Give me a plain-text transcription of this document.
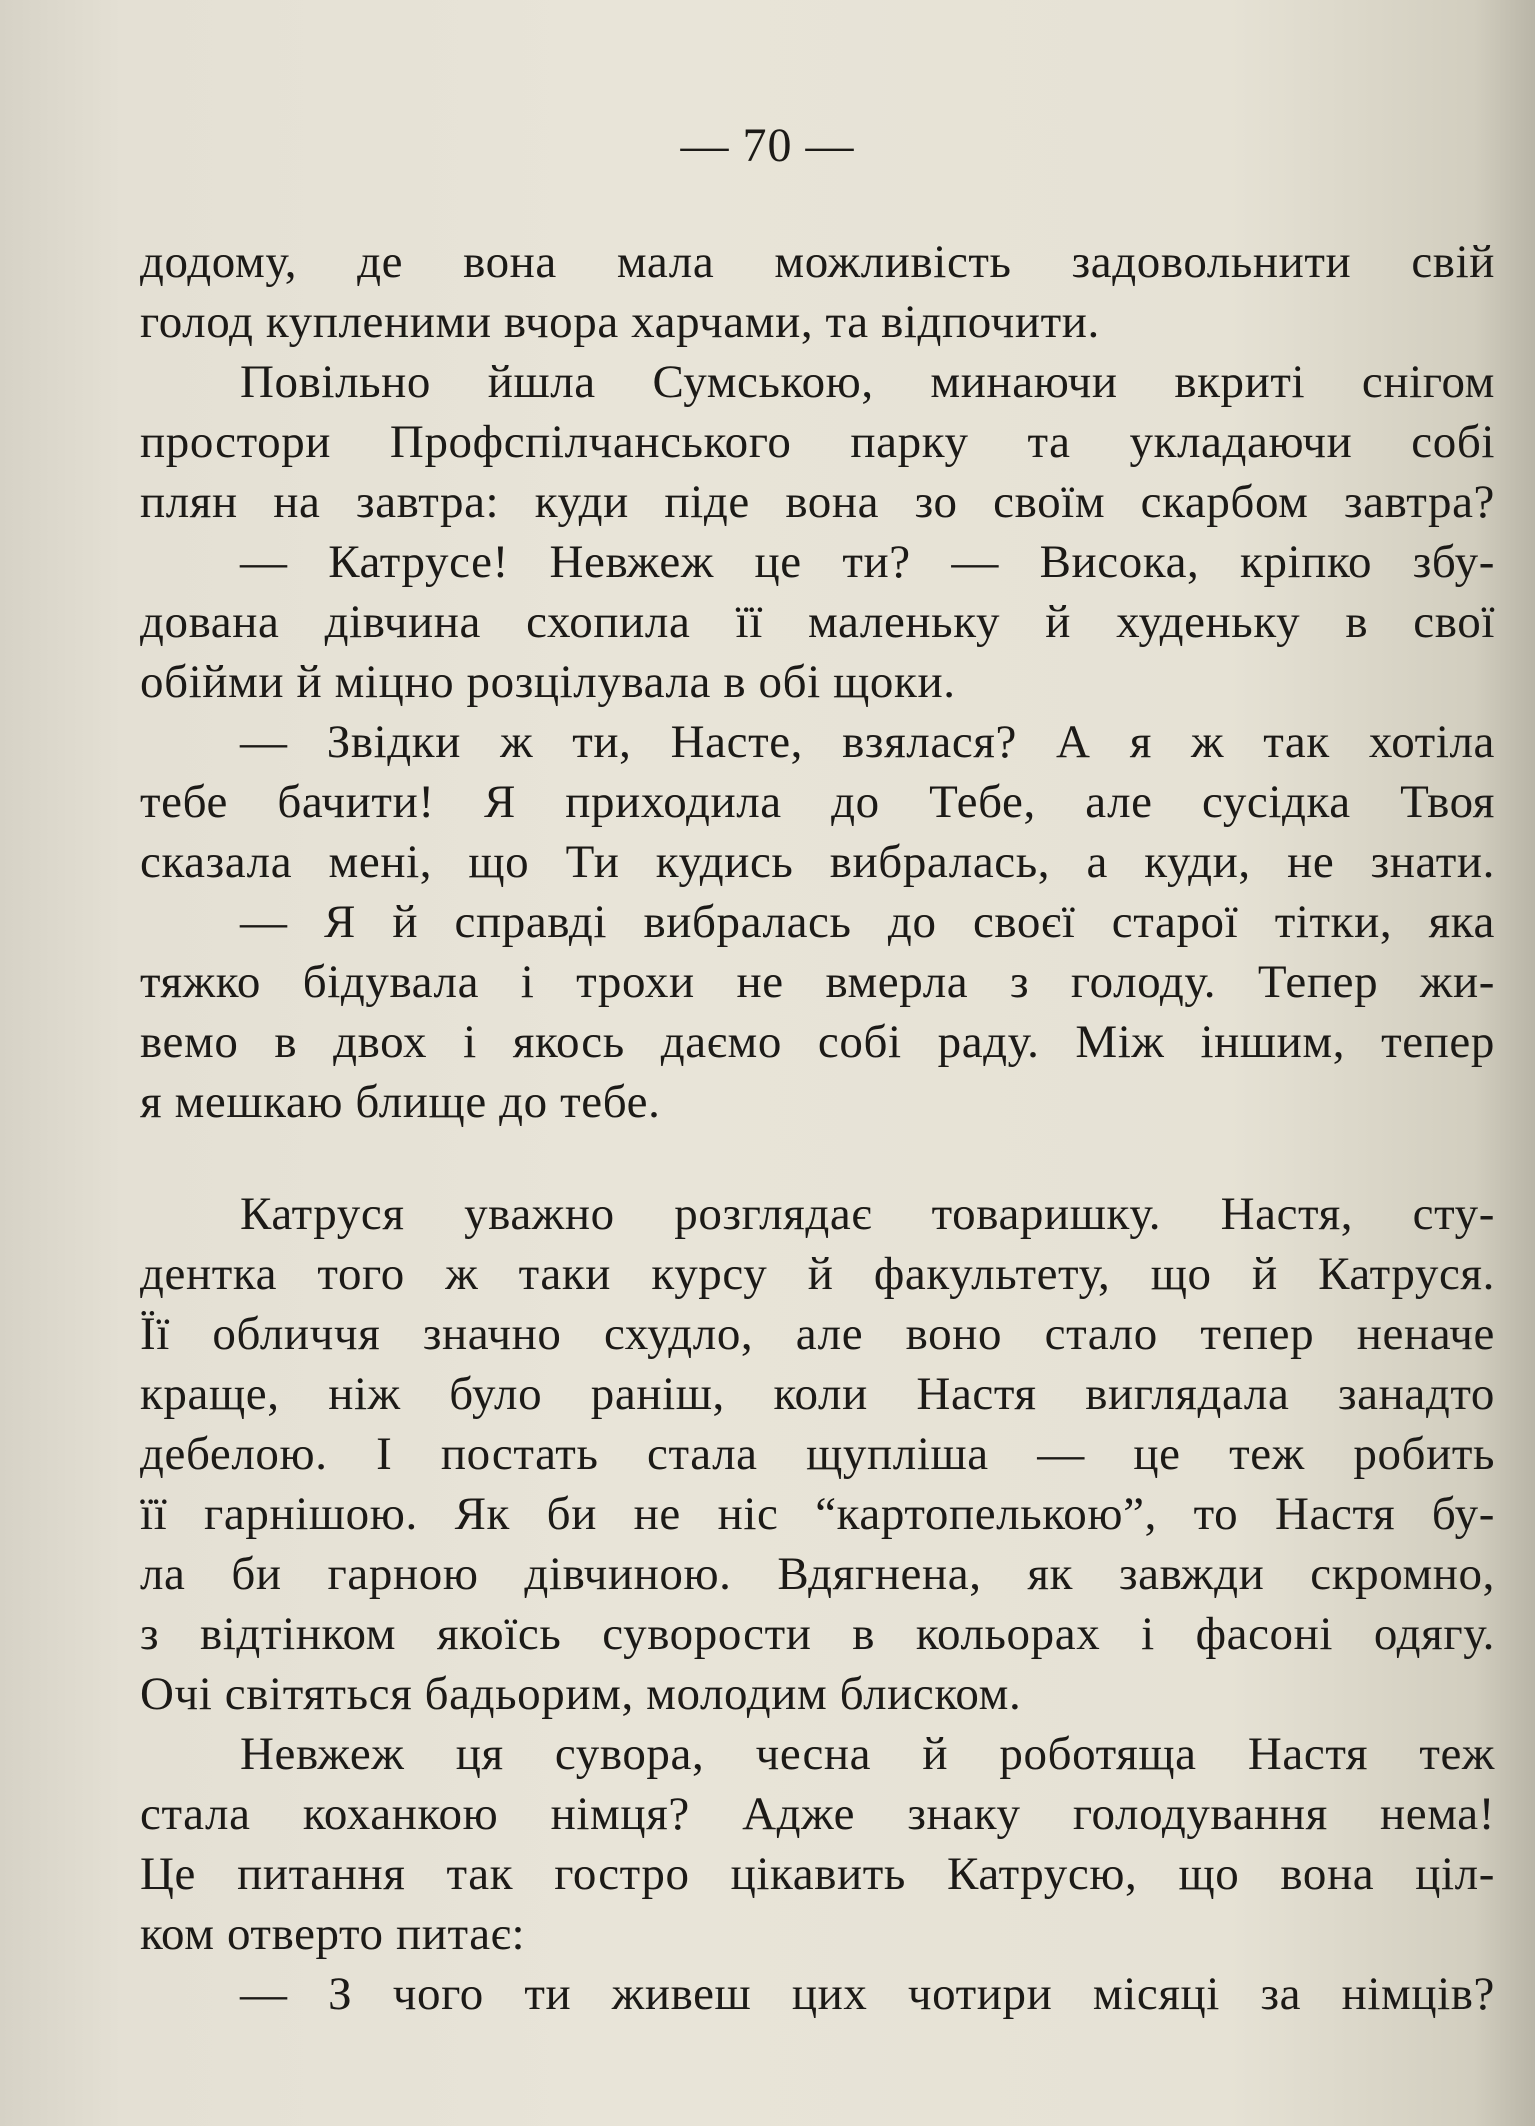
— 70 —
додому, де вона мала можливість задовольнити свій
голод купленими вчора харчами, та відпочити.
Повільно йшла Сумською, минаючи вкриті снігом
простори Профспілчанського парку та укладаючи собі
плян на завтра: куди піде вона зо своїм скарбом завтра?
— Катрусе! Невжеж це ти? — Висока, кріпко збу-
дована дівчина схопила її маленьку й худеньку в свої
обійми й міцно розцілувала в обі щоки.
— Звідки ж ти, Насте, взялася? А я ж так хотіла
тебе бачити! Я приходила до Тебе, але сусідка Твоя
сказала мені, що Ти кудись вибралась, а куди, не знати.
— Я й справді вибралась до своєї старої тітки, яка
тяжко бідувала і трохи не вмерла з голоду. Тепер жи-
вемо в двох і якось даємо собі раду. Між іншим, тепер
я мешкаю блище до тебе.
Катруся уважно розглядає товаришку. Настя, сту-
дентка того ж таки курсу й факультету, що й Катруся.
Її обличчя значно схудло, але воно стало тепер неначе
краще, ніж було раніш, коли Настя виглядала занадто
дебелою. І постать стала щупліша — це теж робить
її гарнішою. Як би не ніс “картопелькою”, то Настя бу-
ла би гарною дівчиною. Вдягнена, як завжди скромно,
з відтінком якоїсь суворости в кольорах і фасоні одягу.
Очі світяться бадьорим, молодим блиском.
Невжеж ця сувора, чесна й роботяща Настя теж
стала коханкою німця? Адже знаку голодування нема!
Це питання так гостро цікавить Катрусю, що вона ціл-
ком отверто питає:
— З чого ти живеш цих чотири місяці за німців?
